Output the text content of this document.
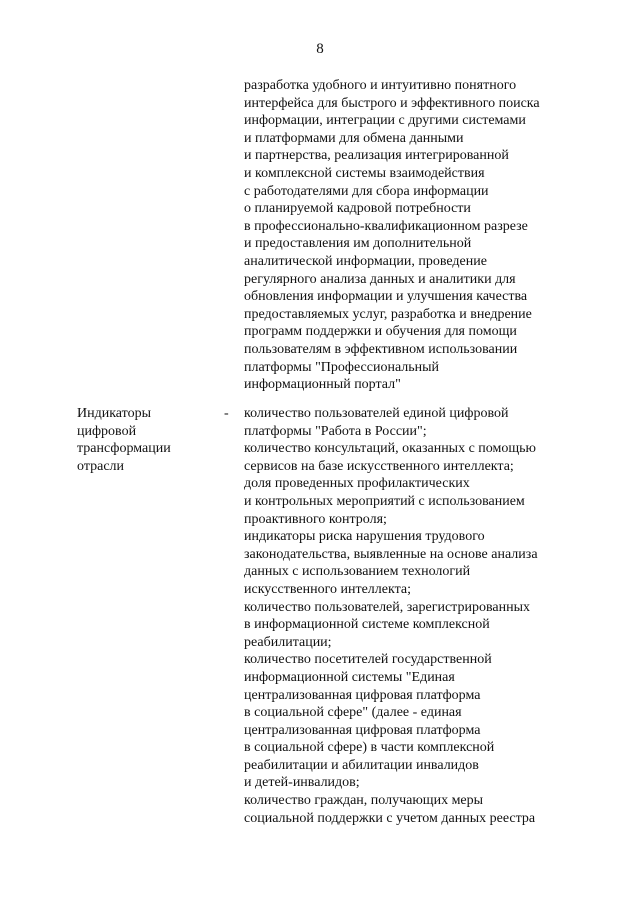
8
разработка удобного и интуитивно понятного
интерфейса для быстрого и эффективного поиска
информации, интеграции с другими системами
и платформами для обмена данными
и партнерства, реализация интегрированной
и комплексной системы взаимодействия
с работодателями для сбора информации
о планируемой кадровой потребности
в профессионально-квалификационном разрезе
и предоставления им дополнительной
аналитической информации, проведение
регулярного анализа данных и аналитики для
обновления информации и улучшения качества
предоставляемых услуг, разработка и внедрение
программ поддержки и обучения для помощи
пользователям в эффективном использовании
платформы "Профессиональный
информационный портал"
Индикаторы
цифровой
трансформации
отрасли
- количество пользователей единой цифровой
платформы "Работа в России";
количество консультаций, оказанных с помощью
сервисов на базе искусственного интеллекта;
доля проведенных профилактических
и контрольных мероприятий с использованием
проактивного контроля;
индикаторы риска нарушения трудового
законодательства, выявленные на основе анализа
данных с использованием технологий
искусственного интеллекта;
количество пользователей, зарегистрированных
в информационной системе комплексной
реабилитации;
количество посетителей государственной
информационной системы "Единая
централизованная цифровая платформа
в социальной сфере" (далее - единая
централизованная цифровая платформа
в социальной сфере) в части комплексной
реабилитации и абилитации инвалидов
и детей-инвалидов;
количество граждан, получающих меры
социальной поддержки с учетом данных реестра
